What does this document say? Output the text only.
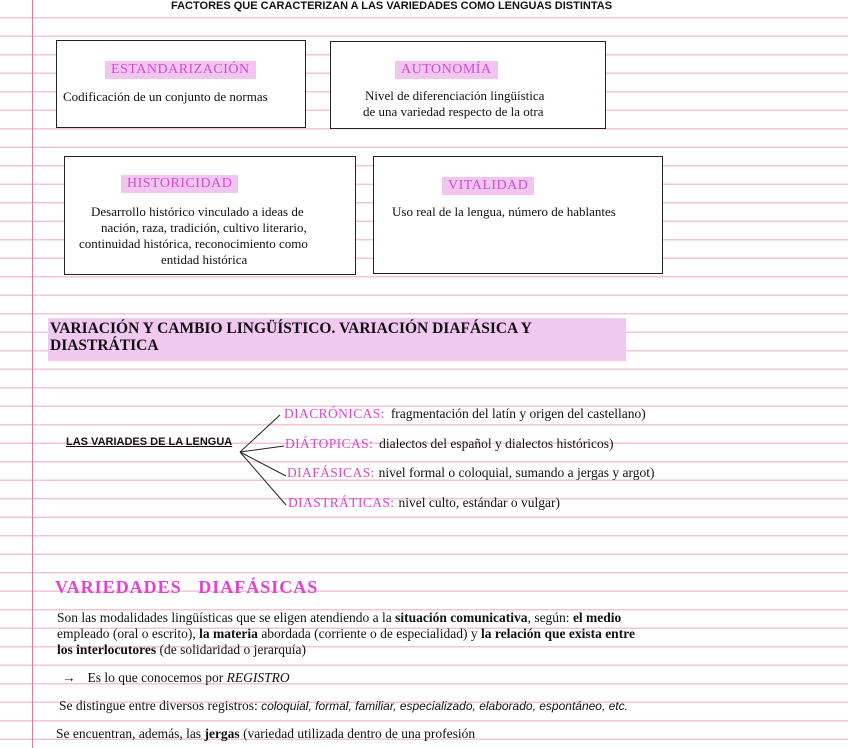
FACTORES QUE CARACTERIZAN A LAS VARIEDADES COMO LENGUAS DISTINTAS
ESTANDARIZACIÓN
Codificación de un conjunto de normas
AUTONOMÍA
Nivel de diferenciación lingüística
de una variedad respecto de la otra
HISTORICIDAD
Desarrollo histórico vinculado a ideas de
nación, raza, tradición, cultivo literario,
continuidad histórica, reconocimiento como
entidad histórica
VITALIDAD
Uso real de la lengua, número de hablantes
VARIACIÓN Y CAMBIO LINGÜÍSTICO. VARIACIÓN DIAFÁSICA Y DIASTRÁTICA
LAS VARIADES DE LA LENGUA
DIACRÓNICAS: fragmentación del latín y origen del castellano)
DIÁTOPICAS: dialectos del español y dialectos históricos)
DIAFÁSICAS: nivel formal o coloquial, sumando a jergas y argot)
DIASTRÁTICAS: nivel culto, estándar o vulgar)
VARIEDADES   DIAFÁSICAS
Son las modalidades lingüísticas que se eligen atendiendo a la situación comunicativa, según: el medio
empleado (oral o escrito), la materia abordada (corriente o de especialidad) y la relación que exista entre
los interlocutores (de solidaridad o jerarquía)
→ Es lo que conocemos por REGISTRO
Se distingue entre diversos registros: coloquial, formal, familiar, especializado, elaborado, espontáneo, etc.
Se encuentran, además, las jergas (variedad utilizada dentro de una profesión
